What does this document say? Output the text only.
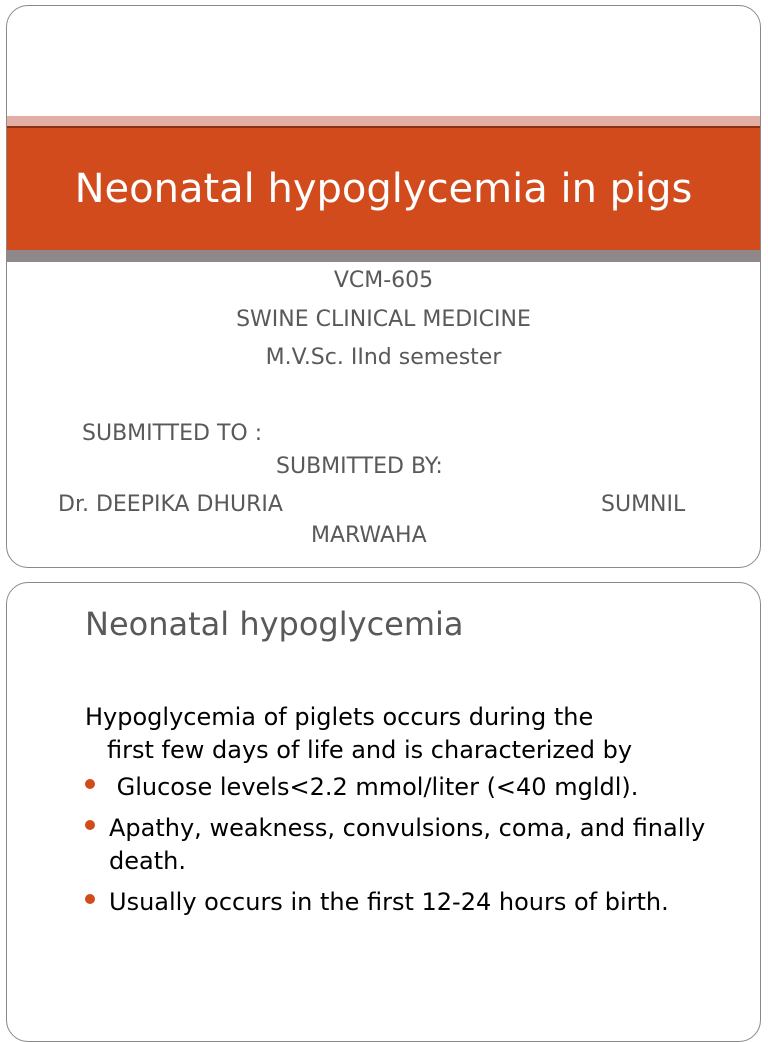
Neonatal hypoglycemia in pigs
VCM-605
SWINE CLINICAL MEDICINE
M.V.Sc. IInd semester
SUBMITTED TO :
SUBMITTED BY:
Dr. DEEPIKA DHURIA	SUMNIL
MARWAHA
Neonatal hypoglycemia
Hypoglycemia of piglets occurs during the
first few days of life and is characterized by
Glucose levels<2.2 mmol/liter (<40 mgldl).
Apathy, weakness, convulsions, coma, and finally death.
Usually occurs in the first 12-24 hours of birth.
